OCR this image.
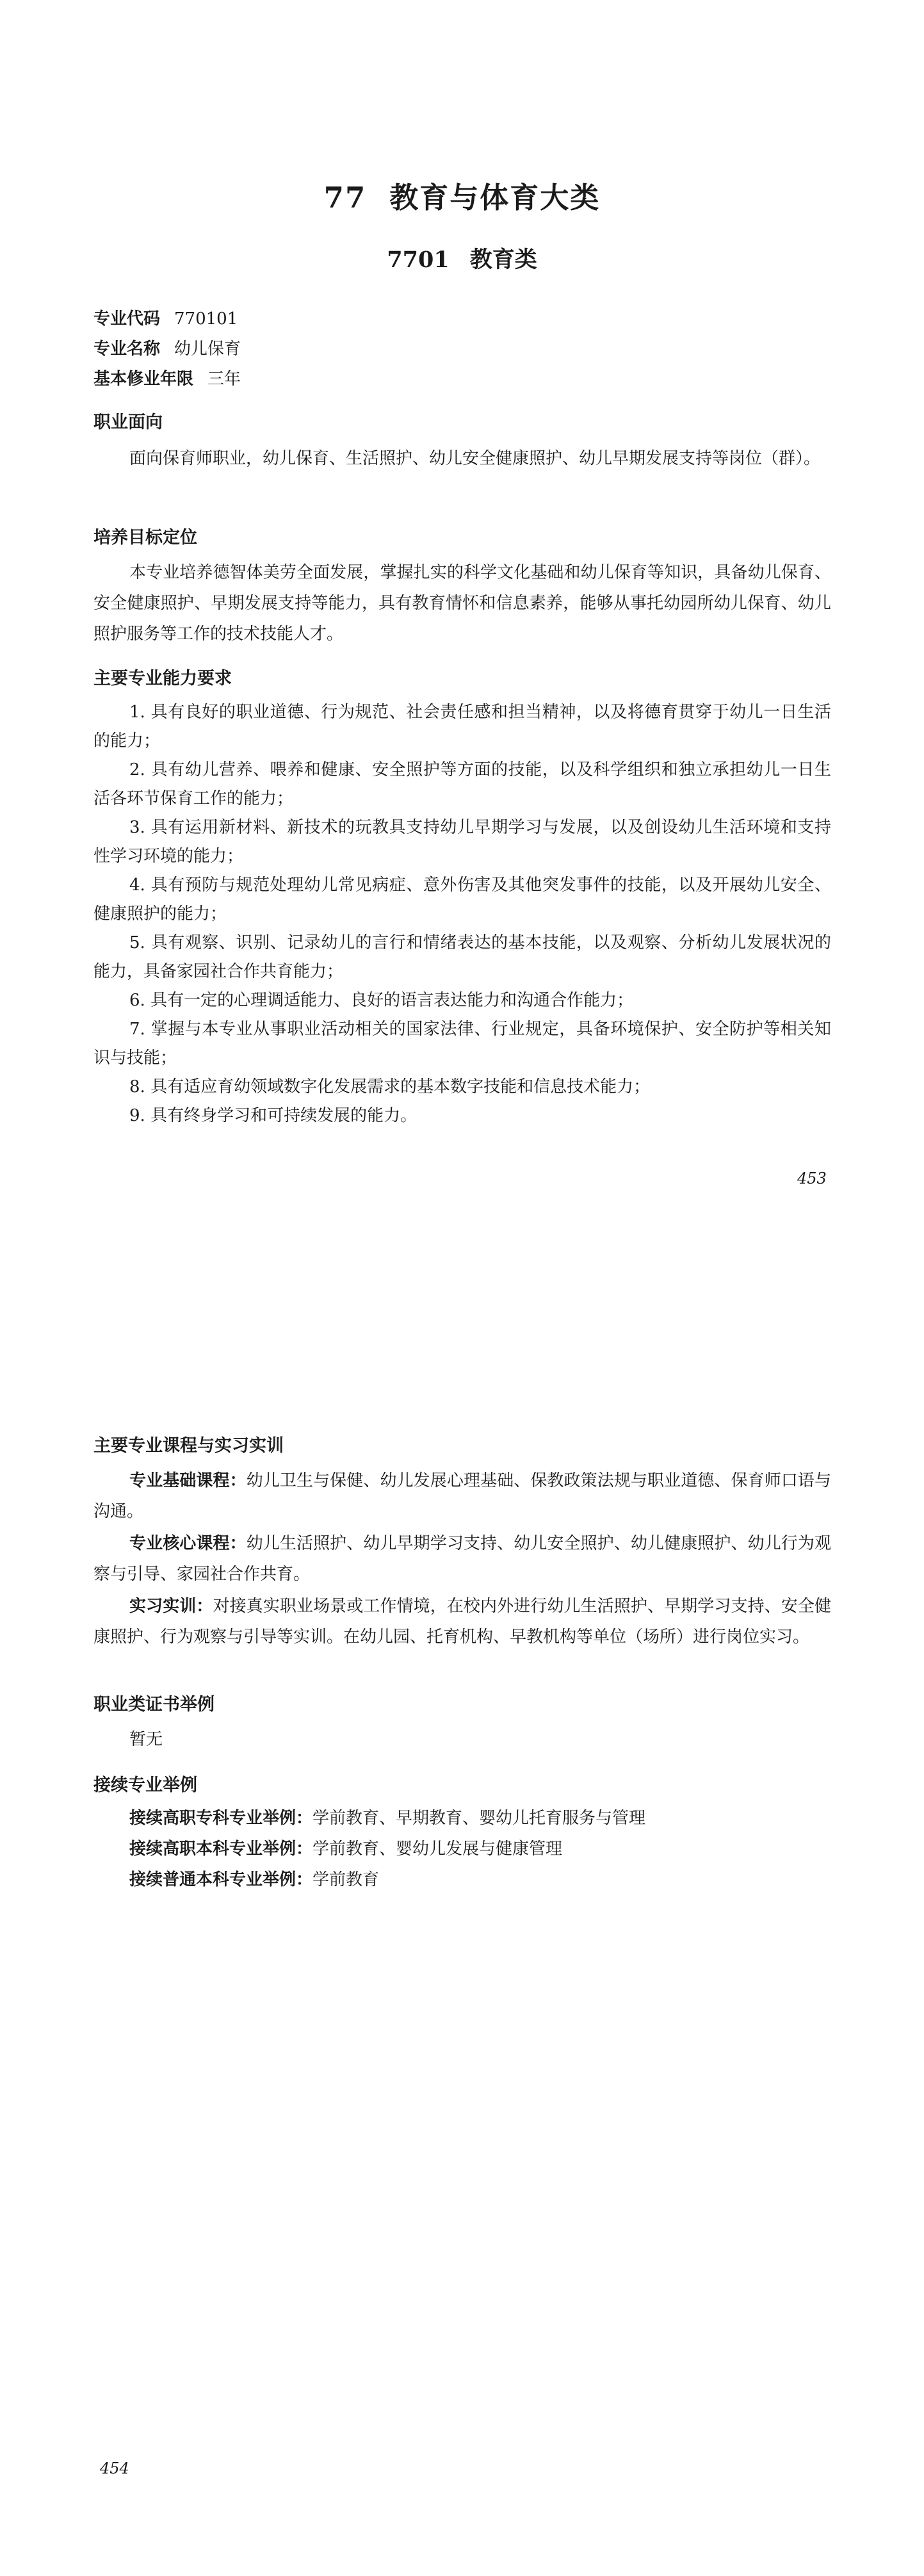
77 教育与体育大类
7701 教育类
专业代码 770101
专业名称 幼儿保育
基本修业年限 三年
职业面向
面向保育师职业，幼儿保育、生活照护、幼儿安全健康照护、幼儿早期发展支持等岗位（群）。
培养目标定位
本专业培养德智体美劳全面发展，掌握扎实的科学文化基础和幼儿保育等知识，具备幼儿保育、安全健康照护、早期发展支持等能力，具有教育情怀和信息素养，能够从事托幼园所幼儿保育、幼儿照护服务等工作的技术技能人才。
主要专业能力要求
1. 具有良好的职业道德、行为规范、社会责任感和担当精神，以及将德育贯穿于幼儿一日生活的能力；
2. 具有幼儿营养、喂养和健康、安全照护等方面的技能，以及科学组织和独立承担幼儿一日生活各环节保育工作的能力；
3. 具有运用新材料、新技术的玩教具支持幼儿早期学习与发展，以及创设幼儿生活环境和支持性学习环境的能力；
4. 具有预防与规范处理幼儿常见病症、意外伤害及其他突发事件的技能，以及开展幼儿安全、健康照护的能力；
5. 具有观察、识别、记录幼儿的言行和情绪表达的基本技能，以及观察、分析幼儿发展状况的能力，具备家园社合作共育能力；
6. 具有一定的心理调适能力、良好的语言表达能力和沟通合作能力；
7. 掌握与本专业从事职业活动相关的国家法律、行业规定，具备环境保护、安全防护等相关知识与技能；
8. 具有适应育幼领域数字化发展需求的基本数字技能和信息技术能力；
9. 具有终身学习和可持续发展的能力。
453
主要专业课程与实习实训
专业基础课程：幼儿卫生与保健、幼儿发展心理基础、保教政策法规与职业道德、保育师口语与沟通。
专业核心课程：幼儿生活照护、幼儿早期学习支持、幼儿安全照护、幼儿健康照护、幼儿行为观察与引导、家园社合作共育。
实习实训：对接真实职业场景或工作情境，在校内外进行幼儿生活照护、早期学习支持、安全健康照护、行为观察与引导等实训。在幼儿园、托育机构、早教机构等单位（场所）进行岗位实习。
职业类证书举例
暂无
接续专业举例
接续高职专科专业举例：学前教育、早期教育、婴幼儿托育服务与管理
接续高职本科专业举例：学前教育、婴幼儿发展与健康管理
接续普通本科专业举例：学前教育
454
